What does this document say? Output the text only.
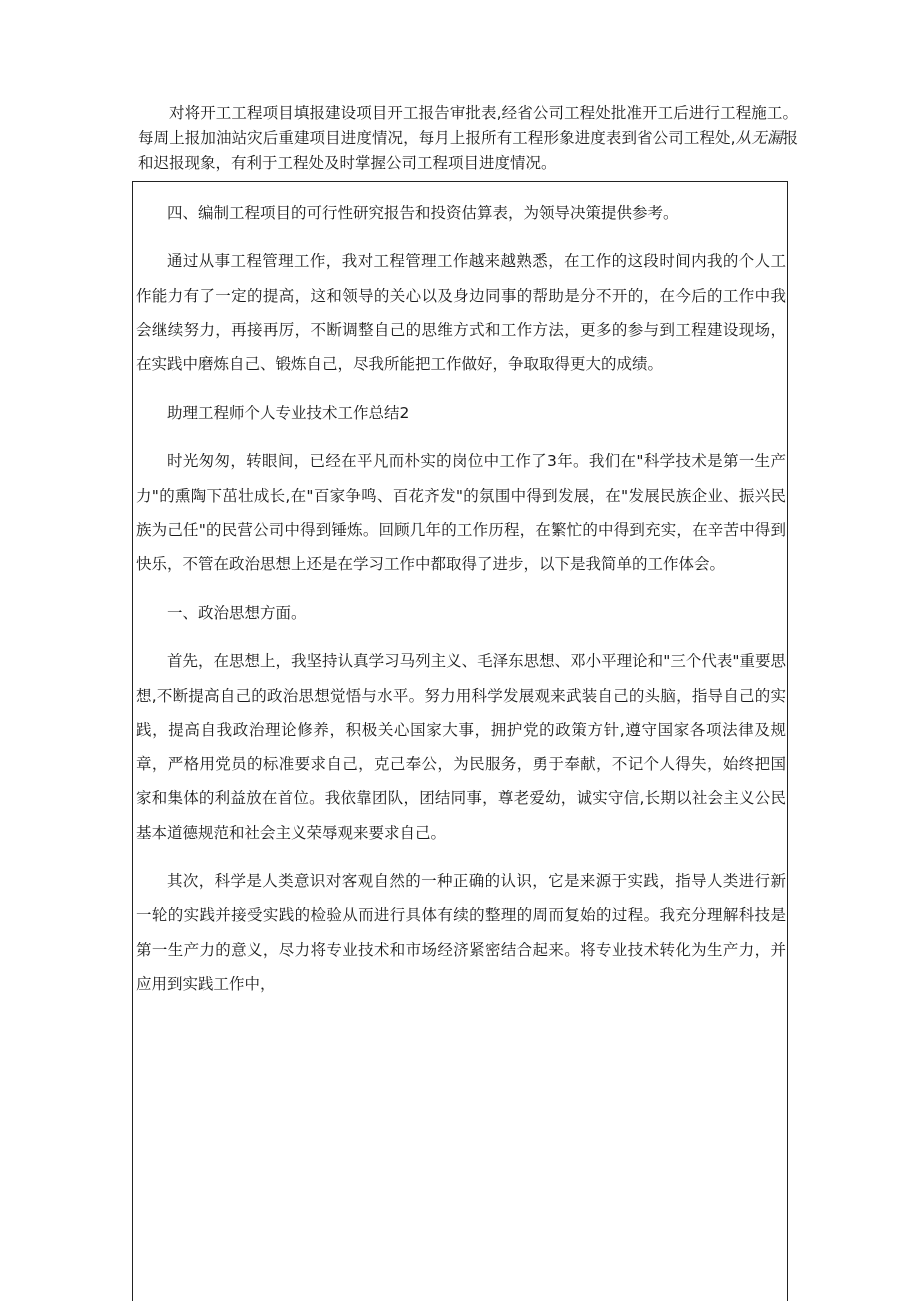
对将开工工程项目填报建设项目开工报告审批表,经省公司工程处批准开工后进行工程施工。每周上报加油站灾后重建项目进度情况，每月上报所有工程形象进度表到省公司工程处,从无漏报和迟报现象，有利于工程处及时掌握公司工程项目进度情况。

四、编制工程项目的可行性研究报告和投资估算表，为领导决策提供参考。

通过从事工程管理工作，我对工程管理工作越来越熟悉，在工作的这段时间内我的个人工作能力有了一定的提高，这和领导的关心以及身边同事的帮助是分不开的，在今后的工作中我会继续努力，再接再厉，不断调整自己的思维方式和工作方法，更多的参与到工程建设现场，在实践中磨炼自己、锻炼自己，尽我所能把工作做好，争取取得更大的成绩。

助理工程师个人专业技术工作总结2

时光匆匆，转眼间，已经在平凡而朴实的岗位中工作了3年。我们在"科学技术是第一生产力"的熏陶下茁壮成长,在"百家争鸣、百花齐发"的氛围中得到发展，在"发展民族企业、振兴民族为己任"的民营公司中得到锤炼。回顾几年的工作历程，在繁忙的中得到充实，在辛苦中得到快乐，不管在政治思想上还是在学习工作中都取得了进步，以下是我简单的工作体会。

一、政治思想方面。

首先，在思想上，我坚持认真学习马列主义、毛泽东思想、邓小平理论和"三个代表"重要思想,不断提高自己的政治思想觉悟与水平。努力用科学发展观来武装自己的头脑，指导自己的实践，提高自我政治理论修养，积极关心国家大事，拥护党的政策方针,遵守国家各项法律及规章，严格用党员的标准要求自己，克己奉公，为民服务，勇于奉献，不记个人得失，始终把国家和集体的利益放在首位。我依靠团队，团结同事，尊老爱幼，诚实守信,长期以社会主义公民基本道德规范和社会主义荣辱观来要求自己。

其次，科学是人类意识对客观自然的一种正确的认识，它是来源于实践，指导人类进行新一轮的实践并接受实践的检验从而进行具体有续的整理的周而复始的过程。我充分理解科技是第一生产力的意义，尽力将专业技术和市场经济紧密结合起来。将专业技术转化为生产力，并应用到实践工作中，
